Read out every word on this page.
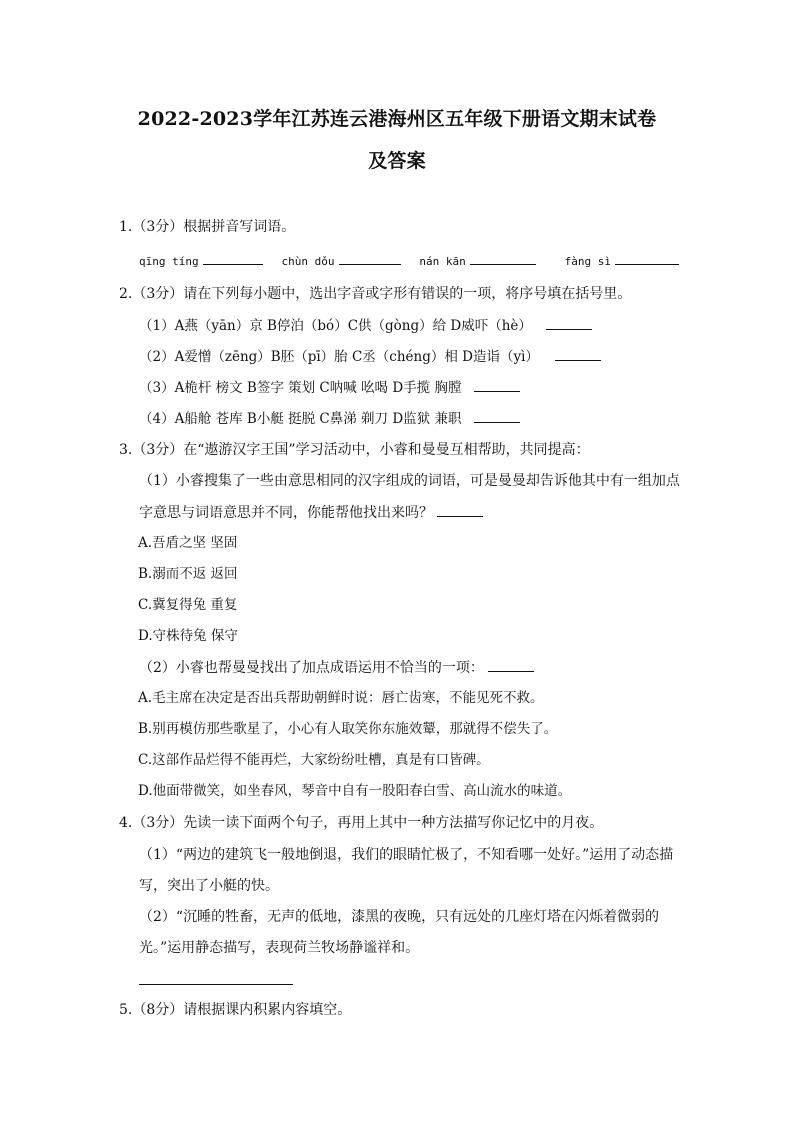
2022-2023学年江苏连云港海州区五年级下册语文期末试卷
及答案
1.（3分）根据拼音写词语。
qīng tíng	chùn dǒu	nán kān	fàng sì
2.（3分）请在下列每小题中，选出字音或字形有错误的一项，将序号填在括号里。
（1）A燕（yān）京 B停泊（bó）C供（gòng）给 D威吓（hè）
（2）A爱憎（zēng）B胚（pī）胎 C丞（chéng）相 D造诣（yì）
（3）A桅杆 榜文 B签字 策划 C呐喊 吆喝 D手揽 胸膛
（4）A船舱 苍库 B小艇 挺脱 C鼻涕 剃刀 D监狱 兼职
3.（3分）在“遨游汉字王国”学习活动中，小睿和曼曼互相帮助，共同提高：
（1）小睿搜集了一些由意思相同的汉字组成的词语，可是曼曼却告诉他其中有一组加点
字意思与词语意思并不同，你能帮他找出来吗？
A.吾盾之坚 坚固
B.溺而不返 返回
C.冀复得兔 重复
D.守株待兔 保守
（2）小睿也帮曼曼找出了加点成语运用不恰当的一项：
A.毛主席在决定是否出兵帮助朝鲜时说：唇亡齿寒，不能见死不救。
B.别再模仿那些歌星了，小心有人取笑你东施效颦，那就得不偿失了。
C.这部作品烂得不能再烂，大家纷纷吐槽，真是有口皆碑。
D.他面带微笑，如坐春风，琴音中自有一股阳春白雪、高山流水的味道。
4.（3分）先读一读下面两个句子，再用上其中一种方法描写你记忆中的月夜。
（1）“两边的建筑飞一般地倒退，我们的眼睛忙极了，不知看哪一处好。”运用了动态描
写，突出了小艇的快。
（2）“沉睡的牲畜，无声的低地，漆黑的夜晚，只有远处的几座灯塔在闪烁着微弱的
光。”运用静态描写，表现荷兰牧场静谧祥和。
5.（8分）请根据课内积累内容填空。
